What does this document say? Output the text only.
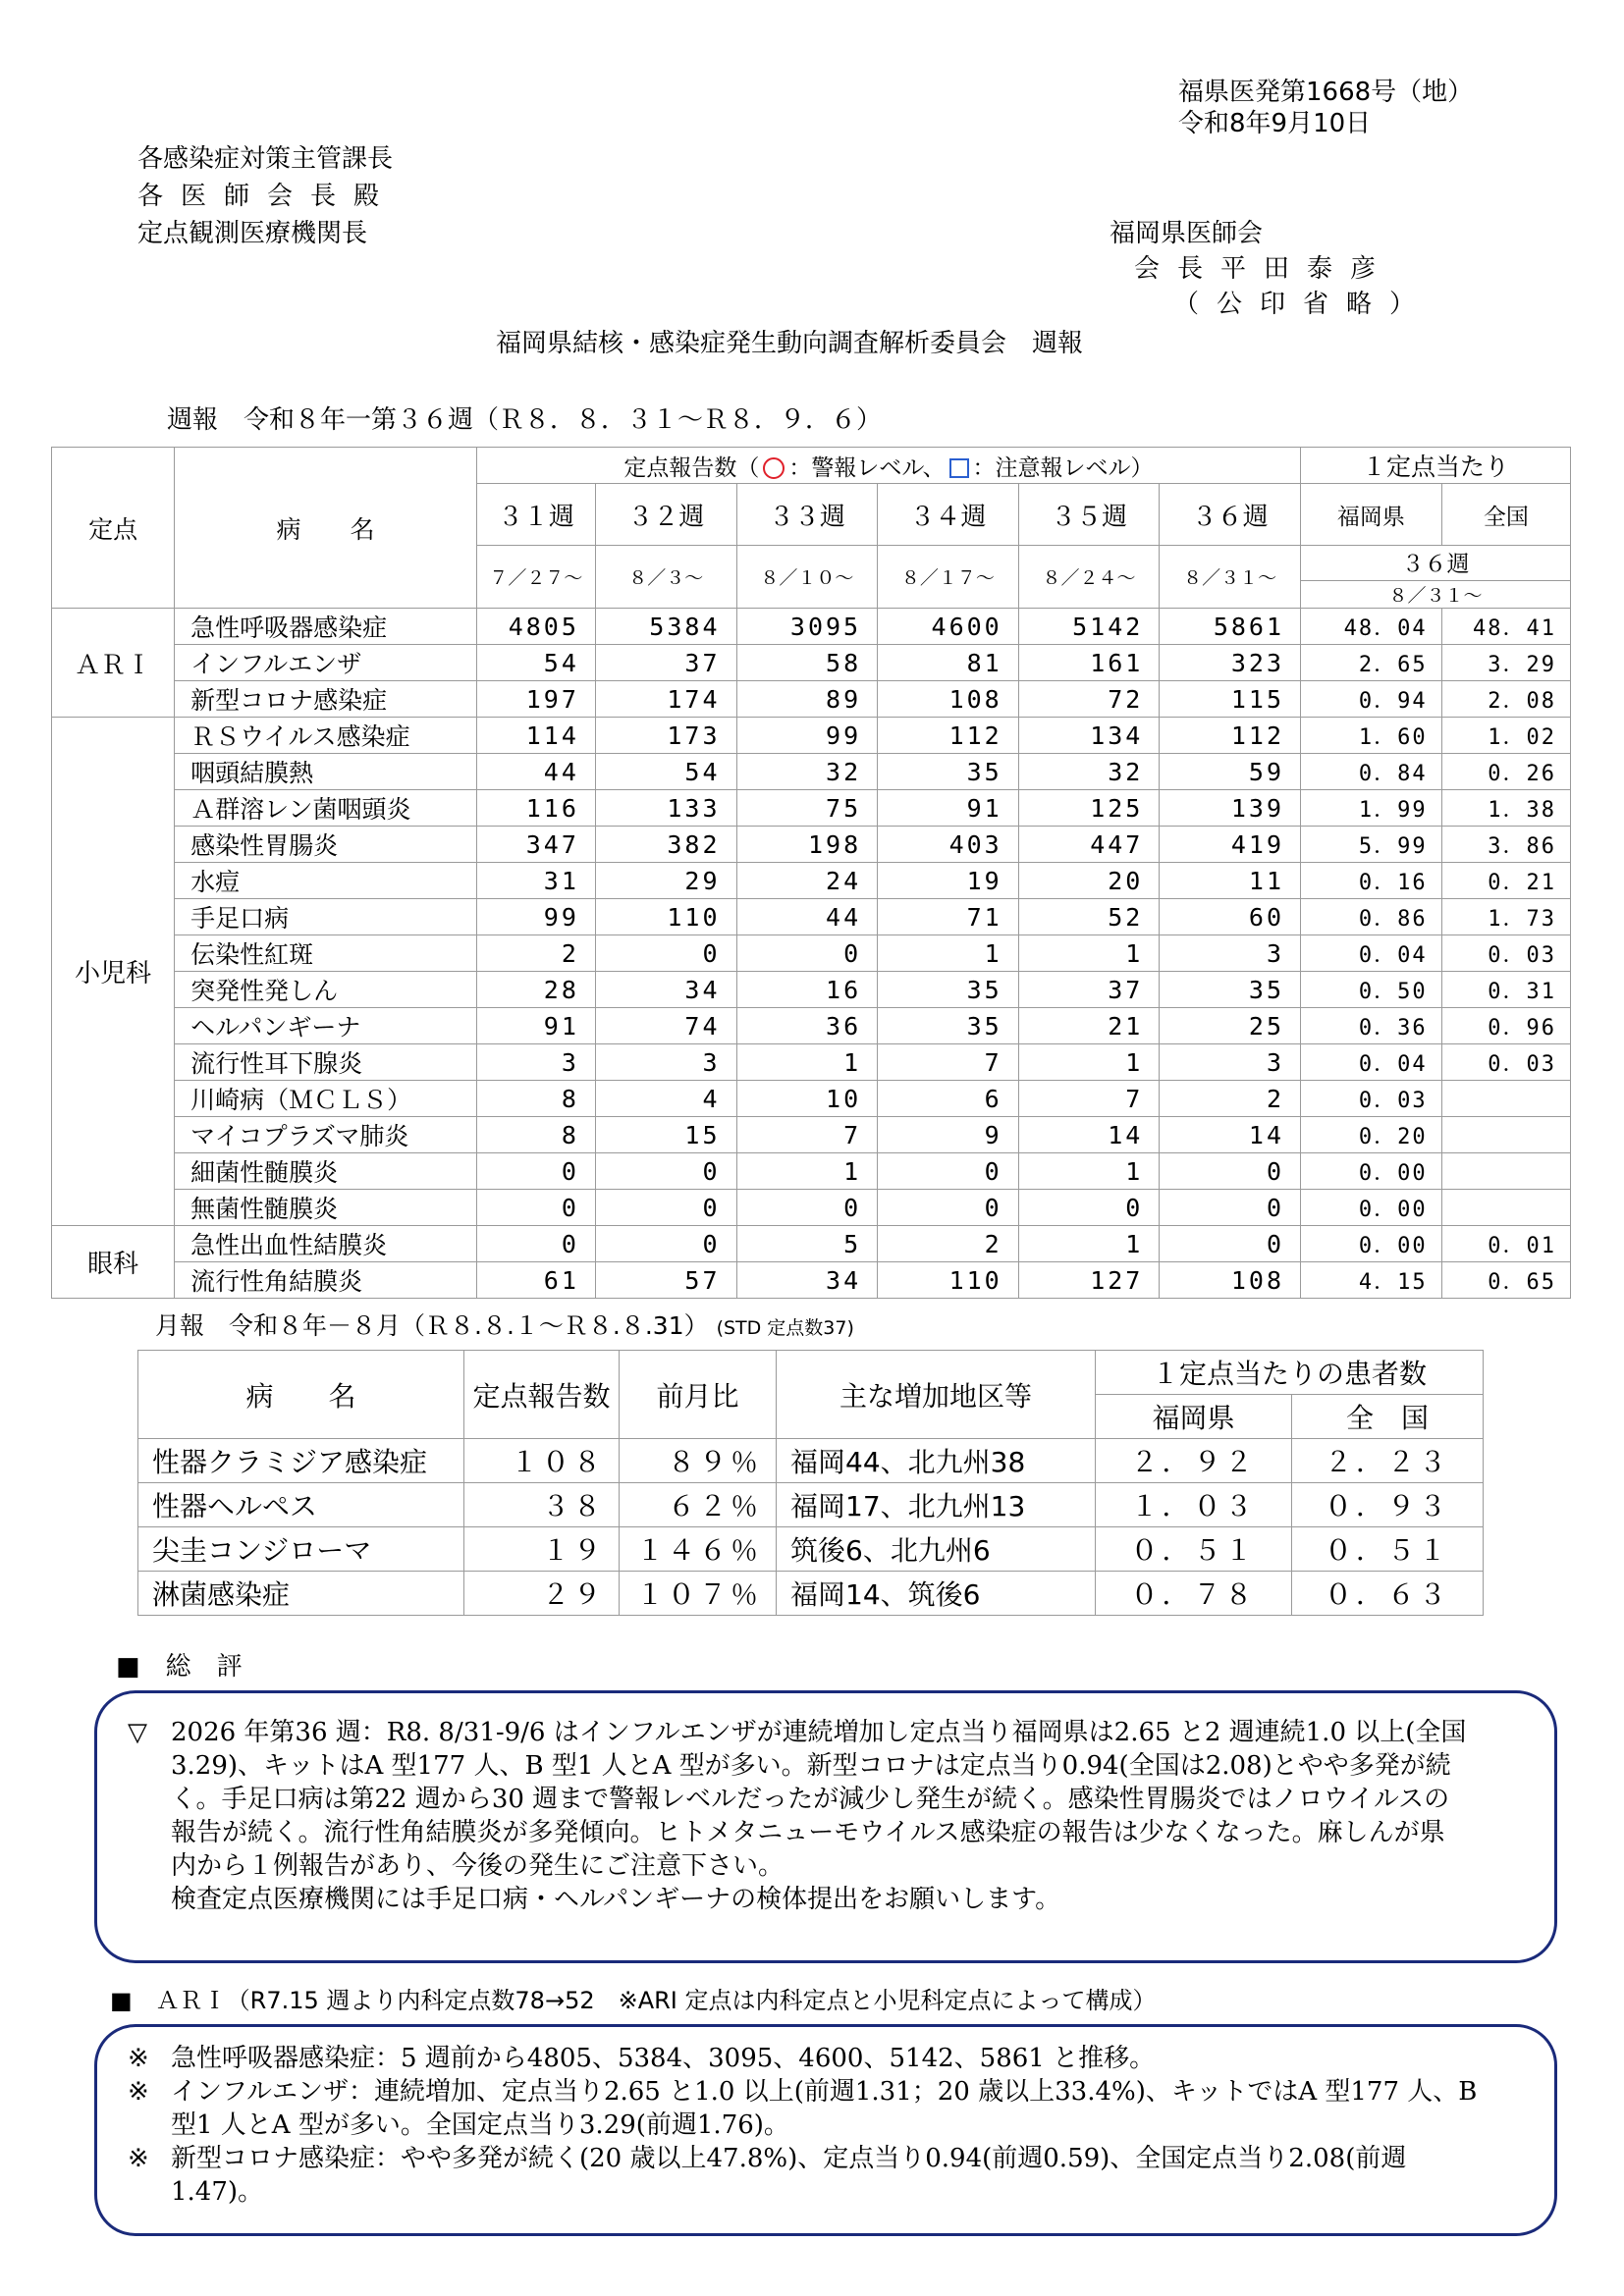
福県医発第1668号（地）
令和8年9月10日
各感染症対策主管課長
各医師会長殿
定点観測医療機関長	福岡県医師会
会長平田泰彦
（公印省略）
福岡県結核・感染症発生動向調査解析委員会　週報
週報　令和８年一第３６週（Ｒ８．８．３１〜Ｒ８．９．６）
定点	病　　名	定点報告数（ ：警報レベル、 ：注意報レベル）						１定点当たり	
		３１週	３２週	３３週	３４週	３５週	３６週	福岡県	全国
		７／２７〜	８／３〜	８／１０〜	８／１７〜	８／２４〜	８／３１〜	３６週
８／３１〜	

ＡＲＩ	急性呼吸器感染症	4805	5384	3095	4600	5142	5861	48．04	48．41
	インフルエンザ	54	37	58	81	161	323	2．65	3．29
	新型コロナ感染症	197	174	89	108	72	115	0．94	2．08
小児科	ＲＳウイルス感染症	114	173	99	112	134	112	1．60	1．02
	咽頭結膜熱	44	54	32	35	32	59	0．84	0．26
	Ａ群溶レン菌咽頭炎	116	133	75	91	125	139	1．99	1．38
	感染性胃腸炎	347	382	198	403	447	419	5．99	3．86
	水痘	31	29	24	19	20	11	0．16	0．21
	手足口病	99	110	44	71	52	60	0．86	1．73
	伝染性紅斑	2	0	0	1	1	3	0．04	0．03
	突発性発しん	28	34	16	35	37	35	0．50	0．31
	ヘルパンギーナ	91	74	36	35	21	25	0．36	0．96
	流行性耳下腺炎	3	3	1	7	1	3	0．04	0．03
	川崎病（ＭＣＬＳ）	8	4	10	6	7	2	0．03	
	マイコプラズマ肺炎	8	15	7	9	14	14	0．20	
	細菌性髄膜炎	0	0	1	0	1	0	0．00	
	無菌性髄膜炎	0	0	0	0	0	0	0．00	
眼科	急性出血性結膜炎	0	0	5	2	1	0	0．00	0．01
	流行性角結膜炎	61	57	34	110	127	108	4．15	0．65
月報　令和８年－８月（Ｒ８.８.１〜Ｒ８.８.31） (STD 定点数37)
病　　名	定点報告数	前月比	主な増加地区等	１定点当たりの患者数	
				福岡県	全　国
性器クラミジア感染症	１０８	８９％	福岡44、北九州38	２．９２	２．２３
性器ヘルペス	３８	６２％	福岡17、北九州13	１．０３	０．９３
尖圭コンジローマ	１９	１４６％	筑後6、北九州6	０．５１	０．５１
淋菌感染症	２９	１０７％	福岡14、筑後6	０．７８	０．６３
■　総　評
▽ 2026 年第36 週：R8. 8/31-9/6 はインフルエンザが連続増加し定点当り福岡県は2.65 と2 週連続1.0 以上(全国
3.29)、キットはA 型177 人、B 型1 人とA 型が多い。新型コロナは定点当り0.94(全国は2.08)とやや多発が続
く。手足口病は第22 週から30 週まで警報レベルだったが減少し発生が続く。感染性胃腸炎ではノロウイルスの
報告が続く。流行性角結膜炎が多発傾向。ヒトメタニューモウイルス感染症の報告は少なくなった。麻しんが県
内から１例報告があり、今後の発生にご注意下さい。
検査定点医療機関には手足口病・ヘルパンギーナの検体提出をお願いします。
■　ＡＲＩ（R7.15 週より内科定点数78→52　※ARI 定点は内科定点と小児科定点によって構成）
※ 急性呼吸器感染症：5 週前から4805、5384、3095、4600、5142、5861 と推移。
※ インフルエンザ：連続増加、定点当り2.65 と1.0 以上(前週1.31；20 歳以上33.4%)、キットではA 型177 人、B
型1 人とA 型が多い。全国定点当り3.29(前週1.76)。
※ 新型コロナ感染症：やや多発が続く(20 歳以上47.8%)、定点当り0.94(前週0.59)、全国定点当り2.08(前週
1.47)。
